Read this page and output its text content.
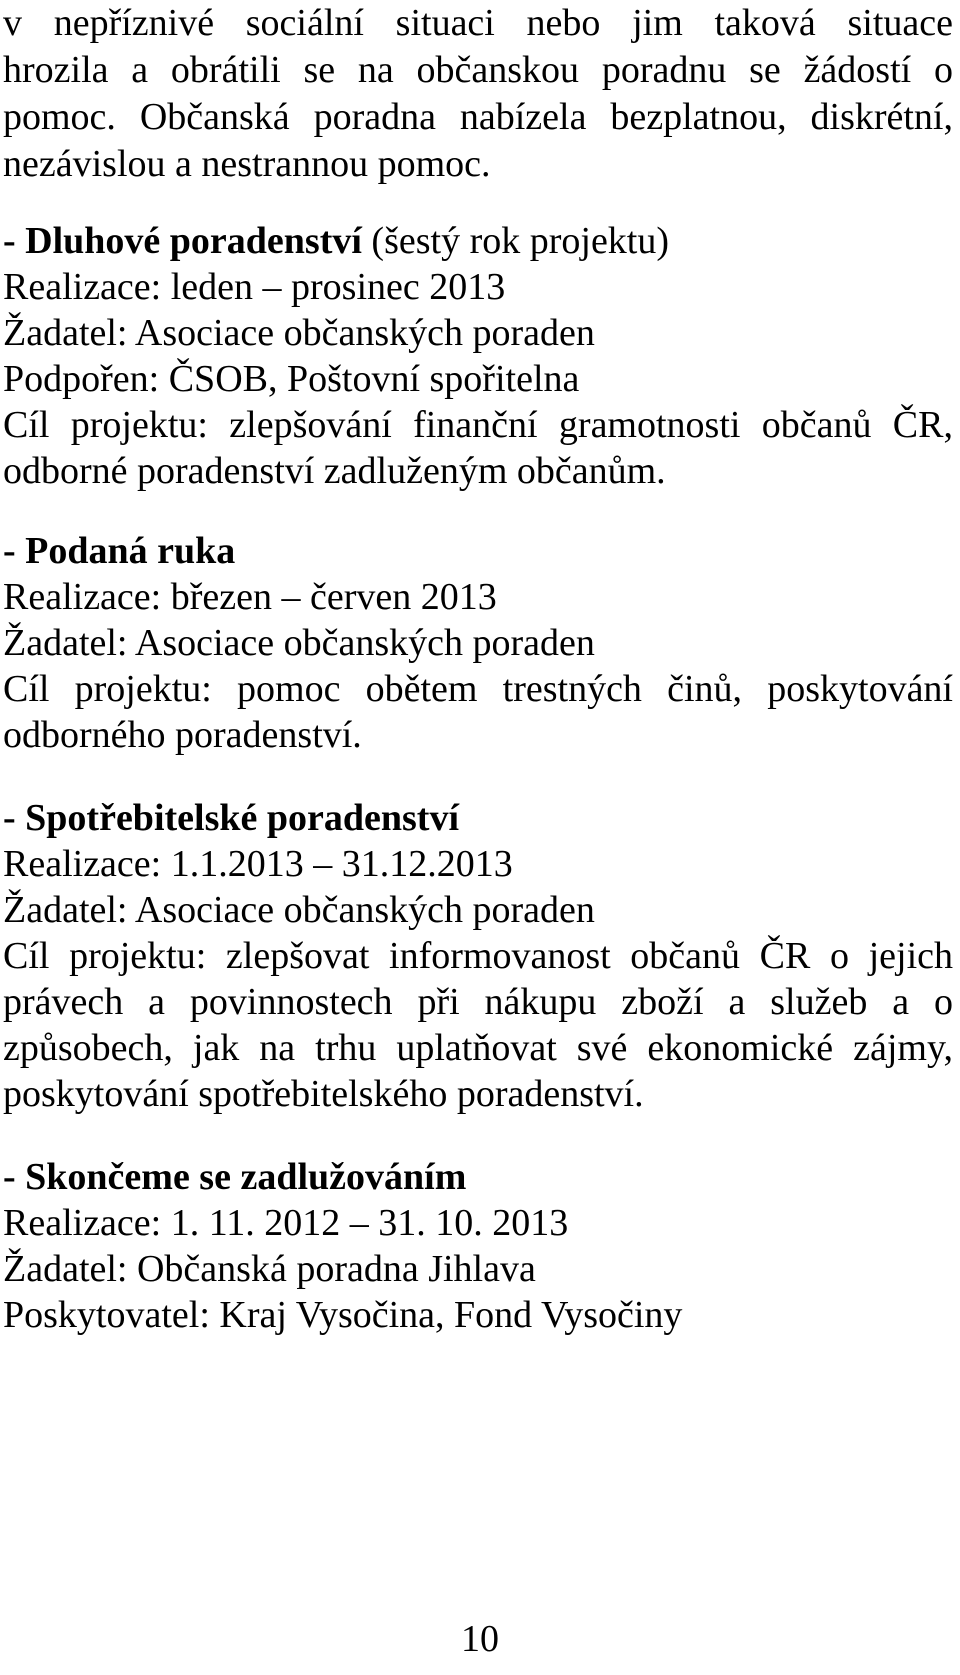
v nepříznivé sociální situaci nebo jim taková situace
hrozila a obrátili se na občanskou poradnu se žádostí o
pomoc. Občanská poradna nabízela bezplatnou, diskrétní,
nezávislou a nestrannou pomoc.
- Dluhové poradenství (šestý rok projektu)
Realizace: leden – prosinec 2013
Žadatel: Asociace občanských poraden
Podpořen: ČSOB, Poštovní spořitelna
Cíl projektu: zlepšování finanční gramotnosti občanů ČR,
odborné poradenství zadluženým občanům.
- Podaná ruka
Realizace: březen – červen 2013
Žadatel: Asociace občanských poraden
Cíl projektu: pomoc obětem trestných činů, poskytování
odborného poradenství.
- Spotřebitelské poradenství
Realizace: 1.1.2013 – 31.12.2013
Žadatel: Asociace občanských poraden
Cíl projektu: zlepšovat informovanost občanů ČR o jejich
právech a povinnostech při nákupu zboží a služeb a o
způsobech, jak na trhu uplatňovat své ekonomické zájmy,
poskytování spotřebitelského poradenství.
- Skončeme se zadlužováním
Realizace: 1. 11. 2012 – 31. 10. 2013
Žadatel: Občanská poradna Jihlava
Poskytovatel: Kraj Vysočina, Fond Vysočiny
10
